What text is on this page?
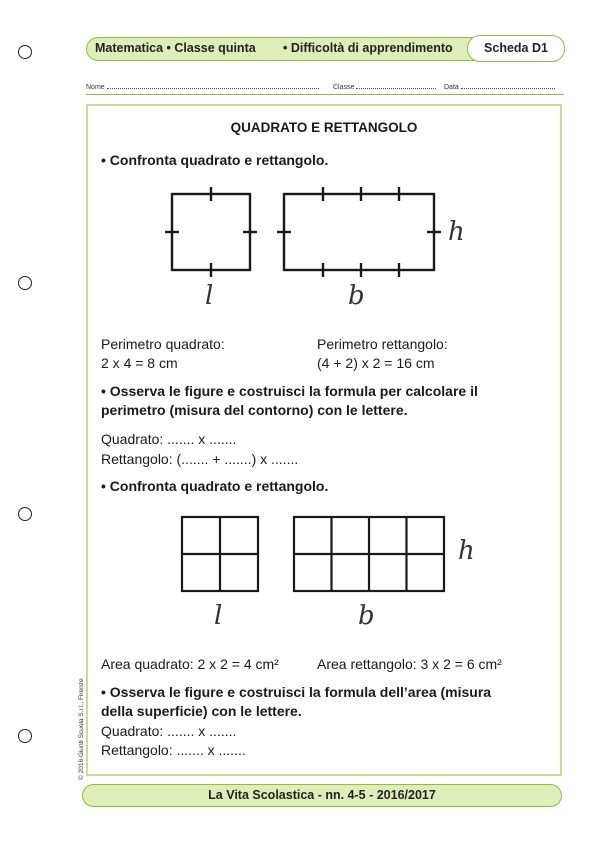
Matematica • Classe quinta • Difficoltà di apprendimento	Scheda D1
Nome	Classe	Data
QUADRATO E RETTANGOLO
• Confronta quadrato e rettangolo.
l	b
h
Perimetro quadrato:
2 x 4 = 8 cm
Perimetro rettangolo:
(4 + 2) x 2 = 16 cm
• Osserva le figure e costruisci la formula per calcolare il
perimetro (misura del contorno) con le lettere.
Quadrato: ....... x .......
Rettangolo: (....... + .......) x .......
• Confronta quadrato e rettangolo.
l	b
h
Area quadrato: 2 x 2 = 4 cm²	Area rettangolo: 3 x 2 = 6 cm²
• Osserva le figure e costruisci la formula dell’area (misura
della superficie) con le lettere.
Quadrato: ....... x .......
Rettangolo: ....... x .......
© 2016 Giunti Scuola S.r.l., Firenze
La Vita Scolastica - nn. 4-5 - 2016/2017
